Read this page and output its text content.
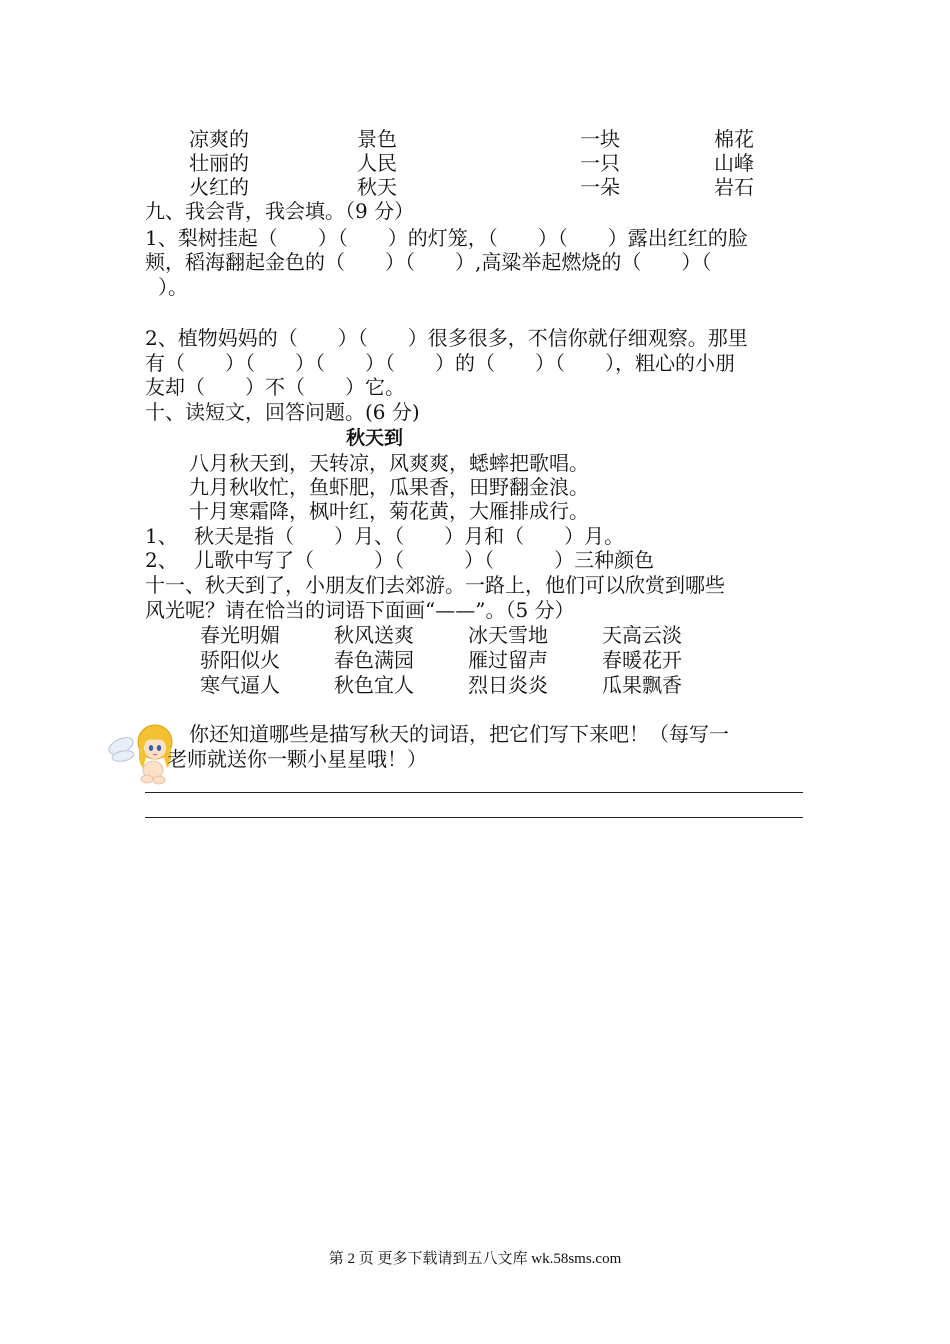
凉爽的	景色	一块	棉花
壮丽的	人民	一只	山峰
火红的	秋天	一朵	岩石
九、我会背，我会填。（9 分）
1、梨树挂起（　　）（　　）的灯笼，（　　）（　　）露出红红的脸
颊，稻海翻起金色的（　　）（　　）,高粱举起燃烧的（　　）（
）。
2、植物妈妈的（　　）（　　）很多很多，不信你就仔细观察。那里
有（　　）（　　）（　　）（　　）的（　　）（　　），粗心的小朋
友却（　　）不（　　）它。
十、读短文，回答问题。(6 分)
秋天到
八月秋天到，天转凉，风爽爽，蟋蟀把歌唱。
九月秋收忙，鱼虾肥，瓜果香，田野翻金浪。
十月寒霜降，枫叶红，菊花黄，大雁排成行。
1、　 秋天是指（　　）月、（　　）月和（　　）月。
2、　 儿歌中写了（　　　）（　　　）（　　　）三种颜色
十一、秋天到了，小朋友们去郊游。一路上，他们可以欣赏到哪些
风光呢？请在恰当的词语下面画“——”。（5 分）
春光明媚	秋风送爽	冰天雪地	天高云淡
骄阳似火	春色满园	雁过留声	春暖花开
寒气逼人	秋色宜人	烈日炎炎	瓜果飘香
你还知道哪些是描写秋天的词语，把它们写下来吧！（每写一
老师就送你一颗小星星哦！）
第 2 页 更多下载请到五八文库 wk.58sms.com
